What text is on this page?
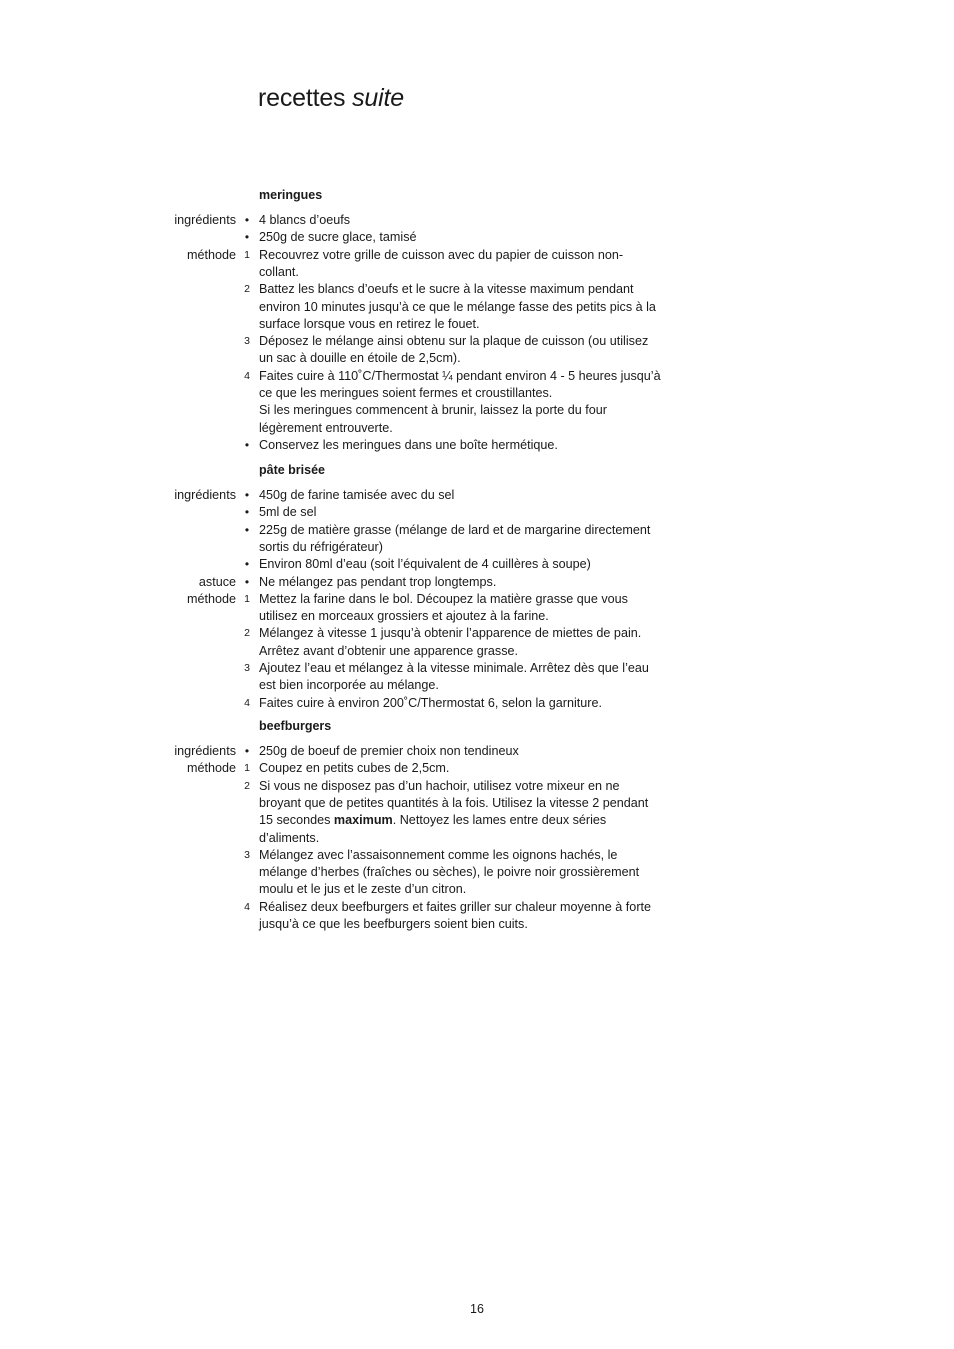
recettes suite
meringues
ingrédients • 4 blancs d’oeufs
• 250g de sucre glace, tamisé
méthode 1 Recouvrez votre grille de cuisson avec du papier de cuisson non-
collant.
2 Battez les blancs d’oeufs et le sucre à la vitesse maximum pendant
environ 10 minutes jusqu’à ce que le mélange fasse des petits pics à la
surface lorsque vous en retirez le fouet.
3 Déposez le mélange ainsi obtenu sur la plaque de cuisson (ou utilisez
un sac à douille en étoile de 2,5cm).
4 Faites cuire à 110˚C/Thermostat ¼ pendant environ 4 - 5 heures jusqu’à
ce que les meringues soient fermes et croustillantes.
Si les meringues commencent à brunir, laissez la porte du four
légèrement entrouverte.
• Conservez les meringues dans une boîte hermétique.
pâte brisée
ingrédients • 450g de farine tamisée avec du sel
• 5ml de sel
• 225g de matière grasse (mélange de lard et de margarine directement
sortis du réfrigérateur)
• Environ 80ml d’eau (soit l’équivalent de 4 cuillères à soupe)
astuce • Ne mélangez pas pendant trop longtemps.
méthode 1 Mettez la farine dans le bol. Découpez la matière grasse que vous
utilisez en morceaux grossiers et ajoutez à la farine.
2 Mélangez à vitesse 1 jusqu’à obtenir l’apparence de miettes de pain.
Arrêtez avant d’obtenir une apparence grasse.
3 Ajoutez l’eau et mélangez à la vitesse minimale. Arrêtez dès que l’eau
est bien incorporée au mélange.
4 Faites cuire à environ 200˚C/Thermostat 6, selon la garniture.
beefburgers
ingrédients • 250g de boeuf de premier choix non tendineux
méthode 1 Coupez en petits cubes de 2,5cm.
2 Si vous ne disposez pas d’un hachoir, utilisez votre mixeur en ne
broyant que de petites quantités à la fois. Utilisez la vitesse 2 pendant
15 secondes maximum. Nettoyez les lames entre deux séries
d’aliments.
3 Mélangez avec l’assaisonnement comme les oignons hachés, le
mélange d’herbes (fraîches ou sèches), le poivre noir grossièrement
moulu et le jus et le zeste d’un citron.
4 Réalisez deux beefburgers et faites griller sur chaleur moyenne à forte
jusqu’à ce que les beefburgers soient bien cuits.
16
